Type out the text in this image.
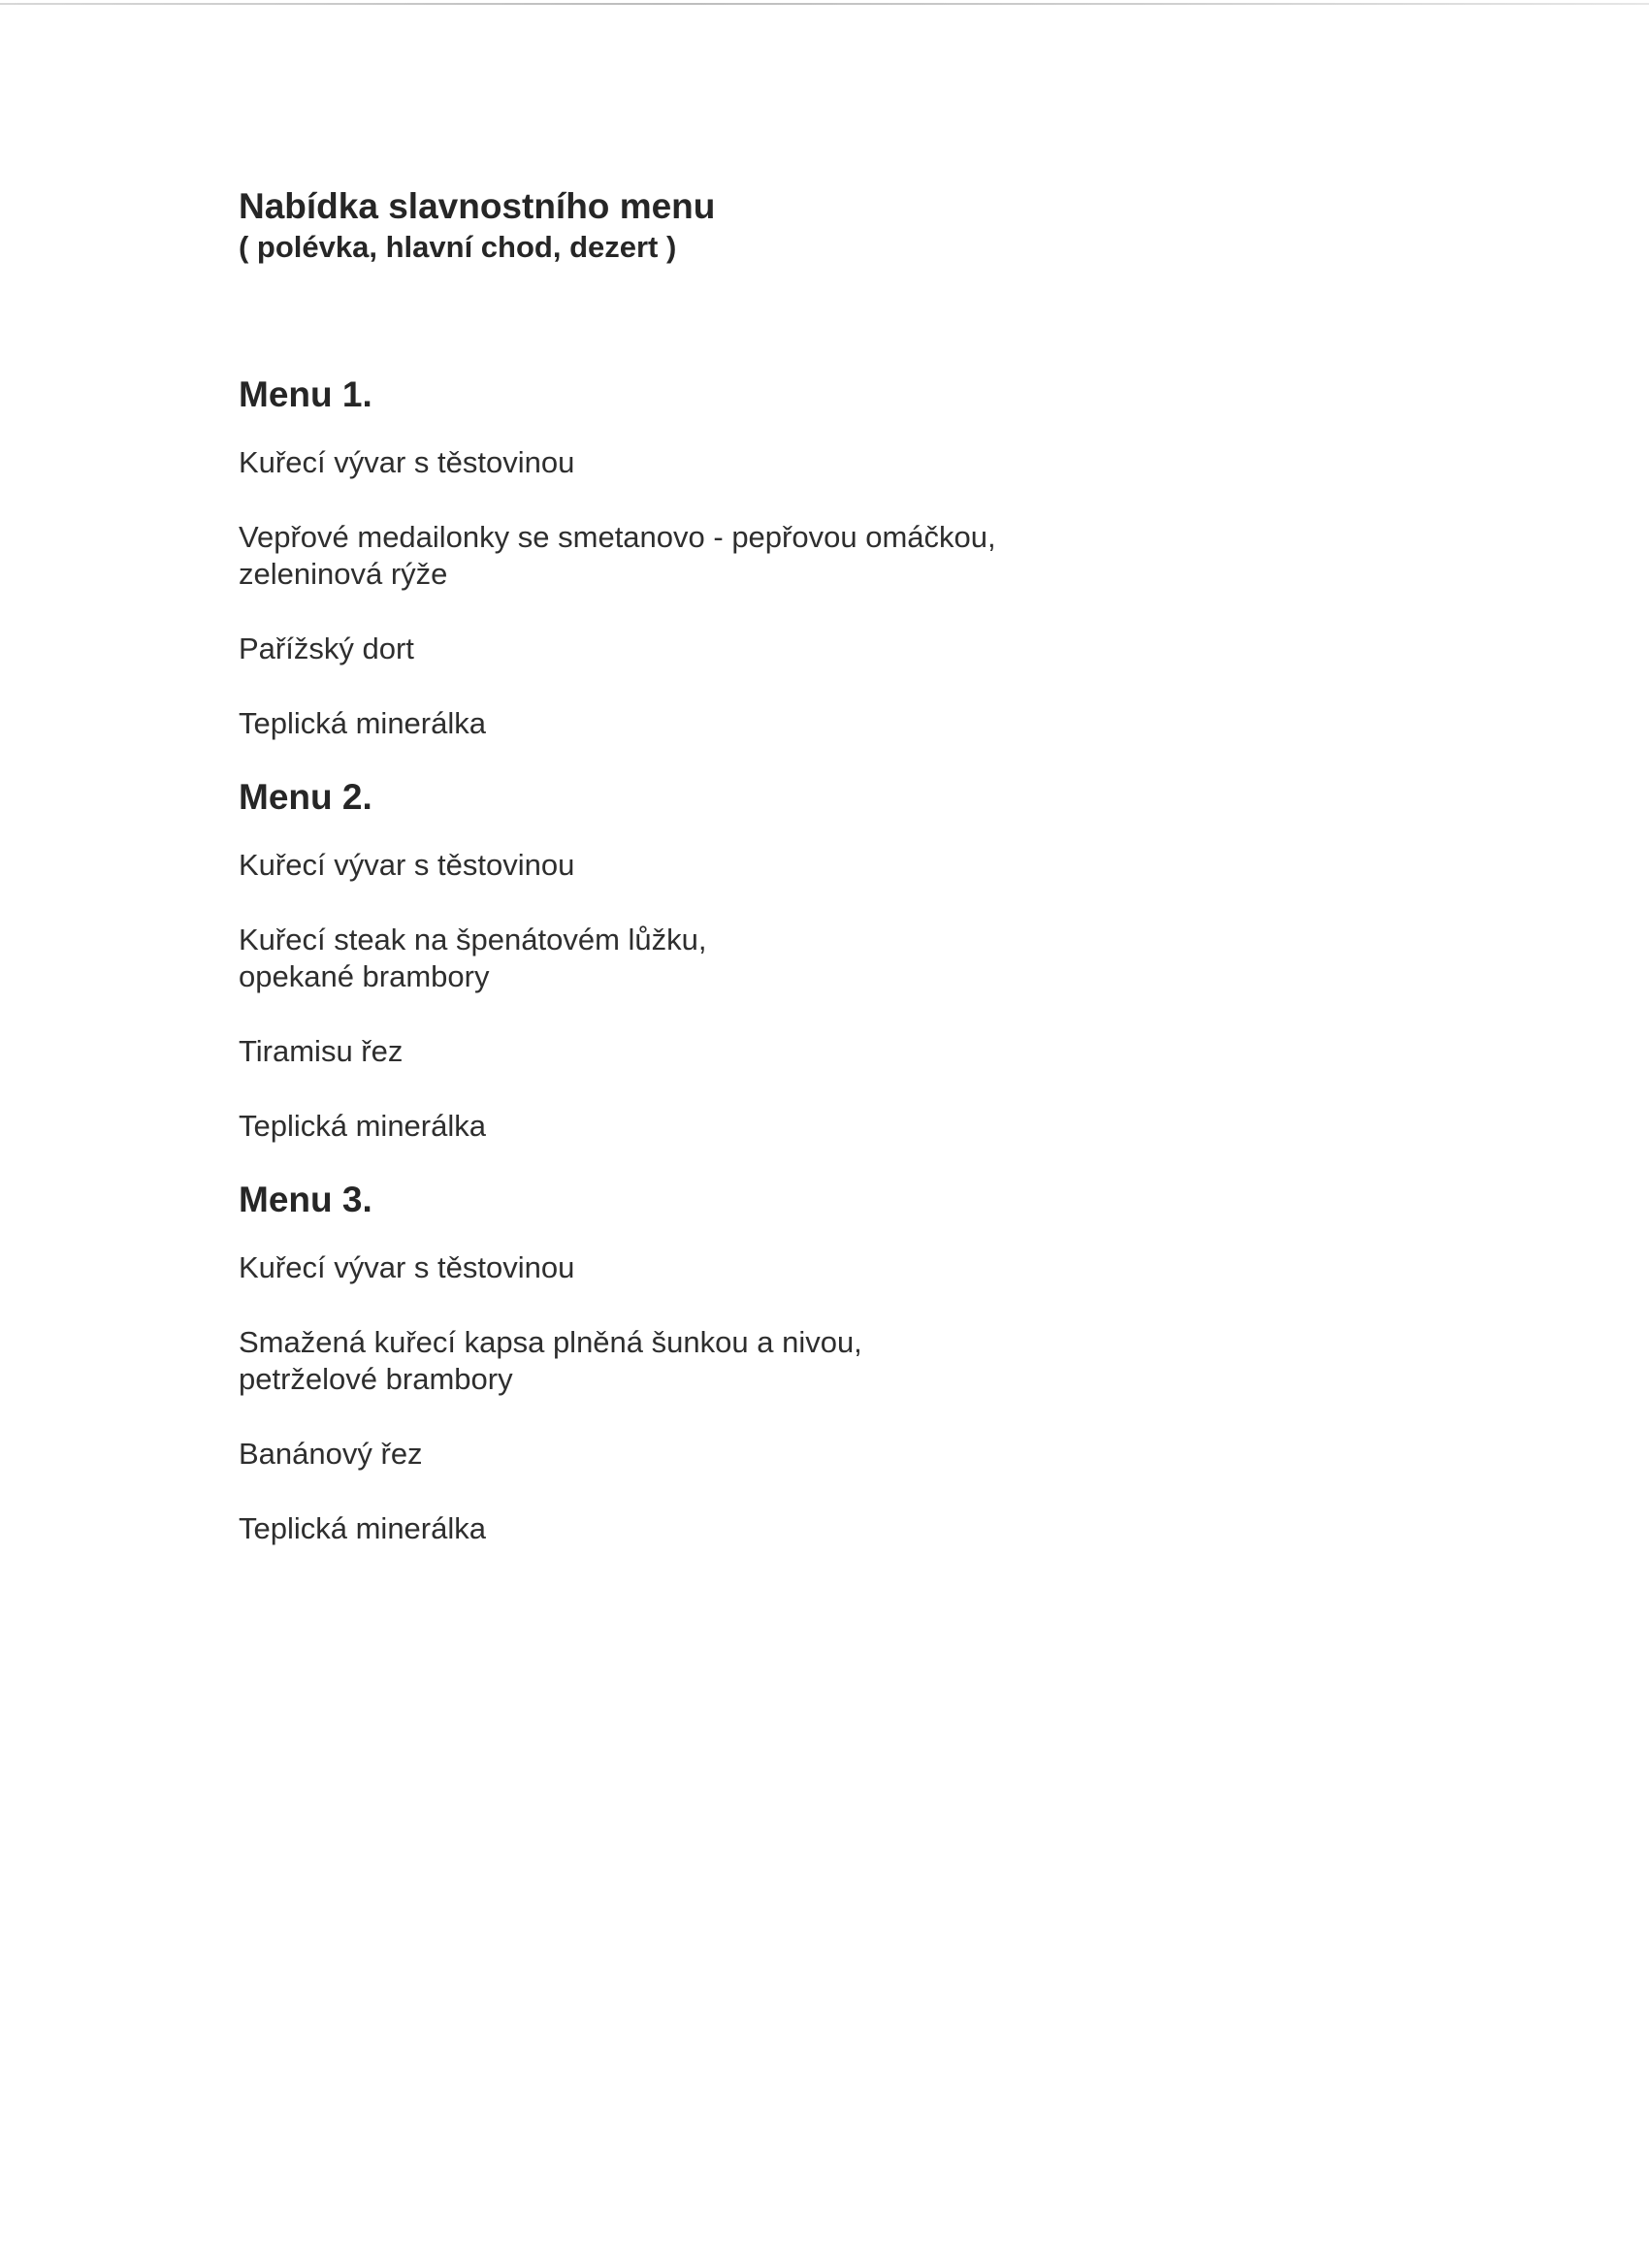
Nabídka slavnostního menu

( polévka, hlavní chod, dezert )

Menu 1.

Kuřecí vývar s těstovinou

Vepřové medailonky se smetanovo - pepřovou omáčkou,
zeleninová rýže

Pařížský dort

Teplická minerálka

Menu 2.

Kuřecí vývar s těstovinou

Kuřecí steak na špenátovém lůžku,
opekané brambory

Tiramisu řez

Teplická minerálka

Menu 3.

Kuřecí vývar s těstovinou

Smažená kuřecí kapsa plněná šunkou a nivou,
petrželové brambory

Banánový řez

Teplická minerálka
